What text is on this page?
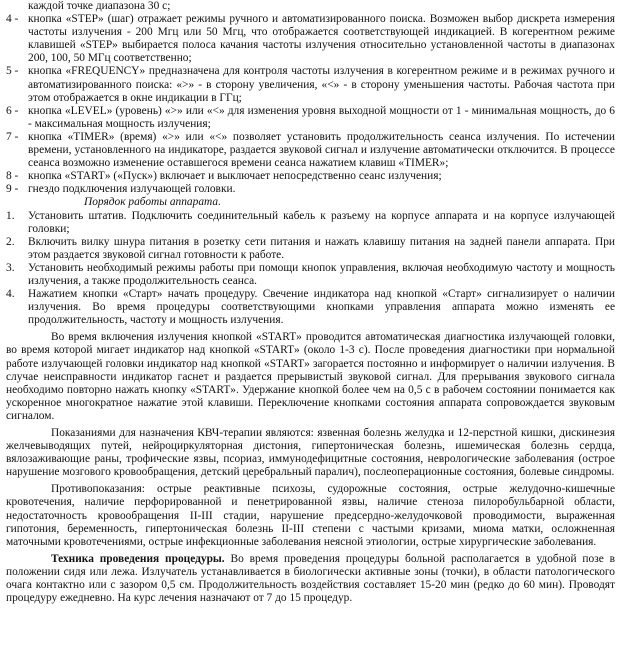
каждой точке диапазона 30 с;
4 - кнопка «STEP» (шаг) отражает режимы ручного и автоматизированного поиска. Возможен выбор дискрета измерения частоты излучения - 200 Мгц или 50 Мгц, что отображается соответствующей индикацией. В когерентном режиме клавишей «STEP» выбирается полоса качания частоты излучения относительно установленной частоты в диапазонах 200, 100, 50 МГц соответственно;
5 - кнопка «FREQUENCY» предназначена для контроля частоты излучения в когерентном режиме и в режимах ручного и автоматизированного поиска: «>» - в сторону увеличения, «<» - в сторону уменьшения частоты. Рабочая частота при этом отображается в окне индикации в ГГц;
6 - кнопка «LEVEL» (уровень) «>» или «<» для изменения уровня выходной мощности от 1 - минимальная мощность, до 6 - максимальная мощность излучения;
7 - кнопка «TIMER» (время) «>» или «<» позволяет установить продолжительность сеанса излучения. По истечении времени, установленного на индикаторе, раздается звуковой сигнал и излучение автоматически отключится. В процессе сеанса возможно изменение оставшегося времени сеанса нажатием клавиш «TIMER»;
8 - кнопка «START» («Пуск») включает и выключает непосредственно сеанс излучения;
9 - гнездо подключения излучающей головки.
Порядок работы аппарата.
1.	Установить штатив. Подключить соединительный кабель к разъему на корпусе аппарата и на корпусе излучающей головки;
2.	Включить вилку шнура питания в розетку сети питания и нажать клавишу питания на задней панели аппарата. При этом раздается звуковой сигнал готовности к работе.
3.	Установить необходимый режимы работы при помощи кнопок управления, включая необходимую частоту и мощность излучения, а также продолжительность сеанса.
4.	Нажатием кнопки «Старт» начать процедуру. Свечение индикатора над кнопкой «Старт» сигнализирует о наличии излучения. Во время процедуры соответствующими кнопками управления аппарата можно изменять ее продолжительность, частоту и мощность излучения.
Во время включения излучения кнопкой «START» проводится автоматическая диагностика излучающей головки, во время которой мигает индикатор над кнопкой «START» (около 1-3 с). После проведения диагностики при нормальной работе излучающей головки индикатор над кнопкой «START» загорается постоянно и информирует о наличии излучения. В случае неисправности индикатор гаснет и раздается прерывистый звуковой сигнал. Для прерывания звукового сигнала необходимо повторно нажать кнопку «START». Удержание кнопкой более чем на 0,5 с в рабочем состоянии понимается как ускоренное многократное нажатие этой клавиши. Переключение кнопками состояния аппарата сопровождается звуковым сигналом.
Показаниями для назначения КВЧ-терапии являются: язвенная болезнь желудка и 12-перстной кишки, дискинезия желчевыводящих путей, нейроциркуляторная дистония, гипертоническая болезнь, ишемическая болезнь сердца, вялозаживающие раны, трофические язвы, псориаз, иммунодефицитные состояния, неврологические заболевания (острое нарушение мозгового кровообращения, детский церебральный паралич), послеоперационные состояния, болевые синдромы.
Противопоказания: острые реактивные психозы, судорожные состояния, острые желудочно-кишечные кровотечения, наличие перфорированной и пенетрированной язвы, наличие стеноза пилоробульбарной области, недостаточность кровообращения II-III стадии, нарушение предсердно-желудочковой проводимости, выраженная гипотония, беременность, гипертоническая болезнь II-III степени с частыми кризами, миома матки, осложненная маточными кровотечениями, острые инфекционные заболевания неясной этиологии, острые хирургические заболевания.
Техника проведения процедуры. Во время проведения процедуры больной располагается в удобной позе в положении сидя или лежа. Излучатель устанавливается в биологически активные зоны (точки), в области патологического очага контактно или с зазором 0,5 см. Продолжительность воздействия составляет 15-20 мин (редко до 60 мин). Проводят процедуру ежедневно. На курс лечения назначают от 7 до 15 процедур.
